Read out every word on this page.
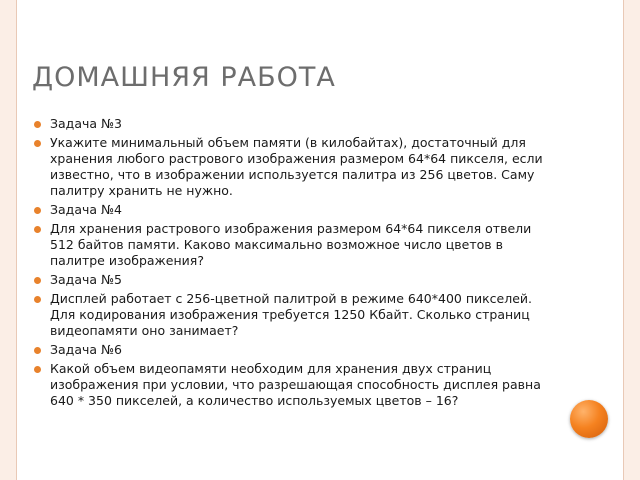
ДОМАШНЯЯ РАБОТА
Задача №3
Укажите минимальный объем памяти (в килобайтах), достаточный для хранения любого растрового изображения размером 64*64 пикселя, если известно, что в изображении используется палитра из 256 цветов. Саму палитру хранить не нужно.
Задача №4
Для хранения растрового изображения размером 64*64 пикселя отвели 512 байтов памяти. Каково максимально возможное число цветов в палитре изображения?
Задача №5
Дисплей работает с 256-цветной палитрой в режиме 640*400 пикселей. Для кодирования изображения требуется 1250 Кбайт. Сколько страниц видеопамяти оно занимает?
Задача №6
Какой объем видеопамяти необходим для хранения двух страниц изображения при условии, что разрешающая способность дисплея равна 640 * 350 пикселей, а количество используемых цветов – 16?
